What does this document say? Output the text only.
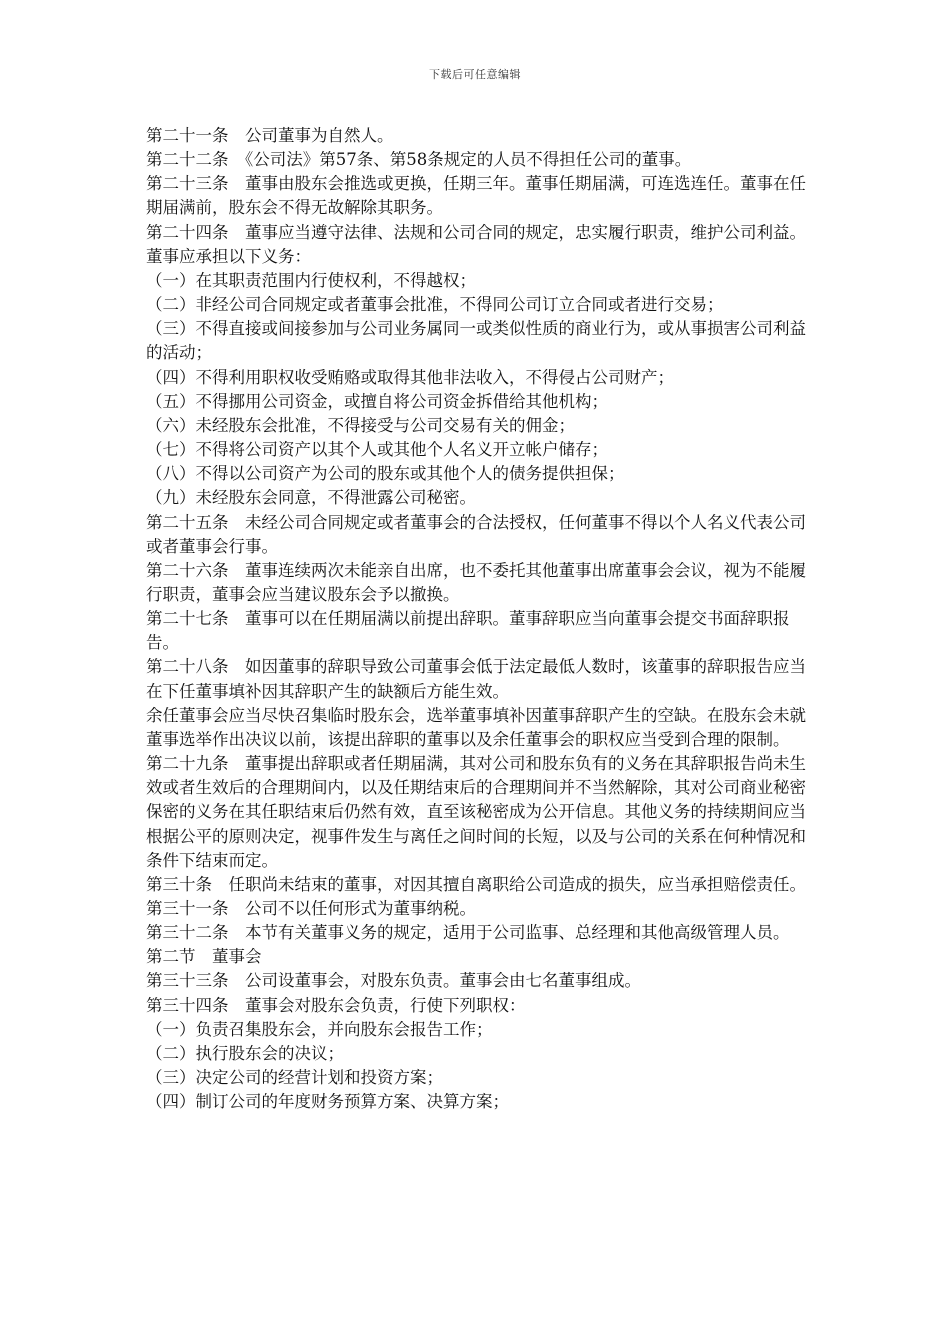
下载后可任意编辑

第二十一条　公司董事为自然人。

第二十二条　《公司法》第57条、第58条规定的人员不得担任公司的董事。

第二十三条　董事由股东会推选或更换，任期三年。董事任期届满，可连选连任。董事在任期届满前，股东会不得无故解除其职务。

第二十四条　董事应当遵守法律、法规和公司合同的规定，忠实履行职责，维护公司利益。董事应承担以下义务：

（一）在其职责范围内行使权利，不得越权；

（二）非经公司合同规定或者董事会批准，不得同公司订立合同或者进行交易；

（三）不得直接或间接参加与公司业务属同一或类似性质的商业行为，或从事损害公司利益的活动；

（四）不得利用职权收受贿赂或取得其他非法收入，不得侵占公司财产；

（五）不得挪用公司资金，或擅自将公司资金拆借给其他机构；

（六）未经股东会批准，不得接受与公司交易有关的佣金；

（七）不得将公司资产以其个人或其他个人名义开立帐户储存；

（八）不得以公司资产为公司的股东或其他个人的债务提供担保；

（九）未经股东会同意，不得泄露公司秘密。

第二十五条　未经公司合同规定或者董事会的合法授权，任何董事不得以个人名义代表公司或者董事会行事。

第二十六条　董事连续两次未能亲自出席，也不委托其他董事出席董事会会议，视为不能履行职责，董事会应当建议股东会予以撤换。

第二十七条　董事可以在任期届满以前提出辞职。董事辞职应当向董事会提交书面辞职报告。

第二十八条　如因董事的辞职导致公司董事会低于法定最低人数时，该董事的辞职报告应当在下任董事填补因其辞职产生的缺额后方能生效。

余任董事会应当尽快召集临时股东会，选举董事填补因董事辞职产生的空缺。在股东会未就董事选举作出决议以前，该提出辞职的董事以及余任董事会的职权应当受到合理的限制。

第二十九条　董事提出辞职或者任期届满，其对公司和股东负有的义务在其辞职报告尚未生效或者生效后的合理期间内，以及任期结束后的合理期间并不当然解除，其对公司商业秘密保密的义务在其任职结束后仍然有效，直至该秘密成为公开信息。其他义务的持续期间应当根据公平的原则决定，视事件发生与离任之间时间的长短，以及与公司的关系在何种情况和条件下结束而定。

第三十条　任职尚未结束的董事，对因其擅自离职给公司造成的损失，应当承担赔偿责任。

第三十一条　公司不以任何形式为董事纳税。

第三十二条　本节有关董事义务的规定，适用于公司监事、总经理和其他高级管理人员。

第二节　董事会

第三十三条　公司设董事会，对股东负责。董事会由七名董事组成。

第三十四条　董事会对股东会负责，行使下列职权：

（一）负责召集股东会，并向股东会报告工作；

（二）执行股东会的决议；

（三）决定公司的经营计划和投资方案；

（四）制订公司的年度财务预算方案、决算方案；
